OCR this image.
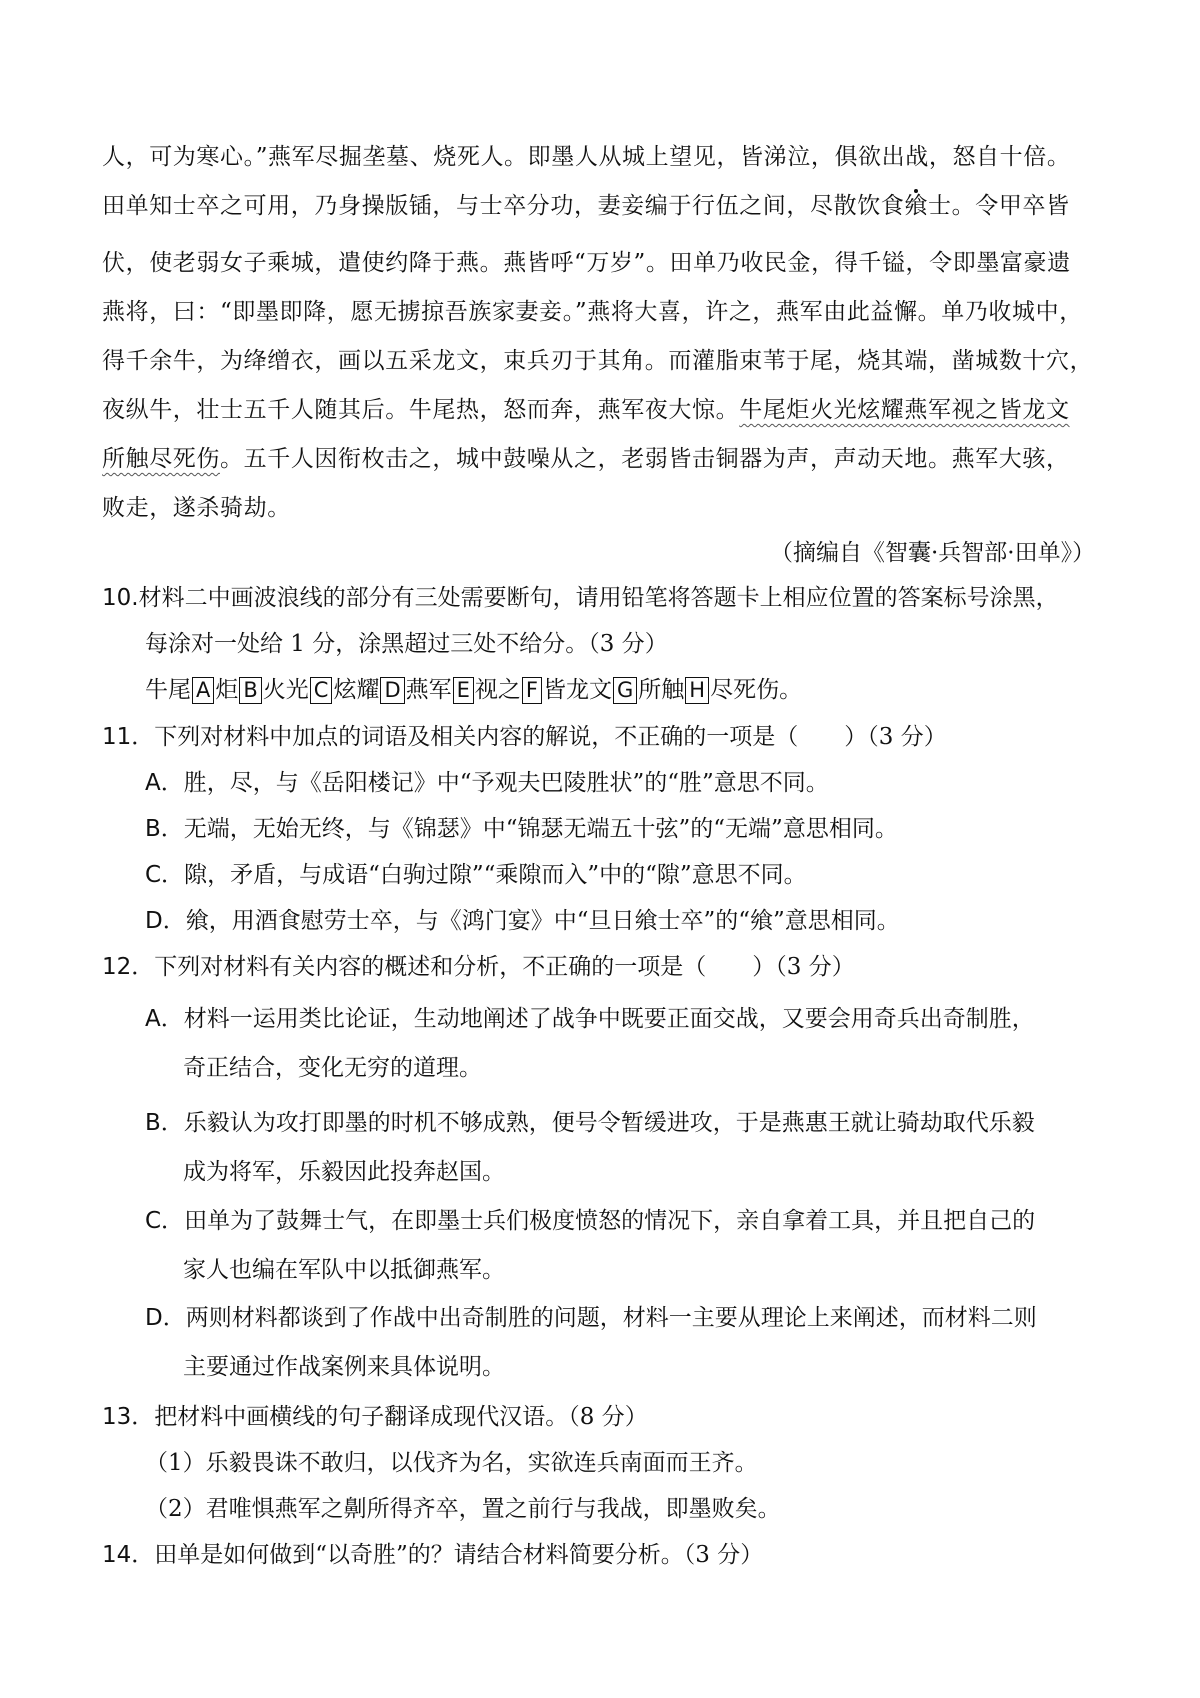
人，可为寒心。”燕军尽掘垄墓、烧死人。即墨人从城上望见，皆涕泣，俱欲出战，怒自十倍。
田单知士卒之可用，乃身操版锸，与士卒分功，妻妾编于行伍之间，尽散饮食飨士。令甲卒皆
伏，使老弱女子乘城，遣使约降于燕。燕皆呼“万岁”。田单乃收民金，得千镒，令即墨富豪遗
燕将，曰：“即墨即降，愿无掳掠吾族家妻妾。”燕将大喜，许之，燕军由此益懈。单乃收城中，
得千余牛，为绛缯衣，画以五采龙文，束兵刃于其角。而灌脂束苇于尾，烧其端，凿城数十穴，
夜纵牛，壮士五千人随其后。牛尾热，怒而奔，燕军夜大惊。牛尾炬火光炫耀燕军视之皆龙文
所触尽死伤。五千人因衔枚击之，城中鼓噪从之，老弱皆击铜器为声，声动天地。燕军大骇，
败走，遂杀骑劫。
（摘编自《智囊·兵智部·田单》）
10.材料二中画波浪线的部分有三处需要断句，请用铅笔将答题卡上相应位置的答案标号涂黑，
每涂对一处给 1 分，涂黑超过三处不给分。（3 分）
牛尾 A 炬 B 火光 C 炫耀 D 燕军 E 视之 F 皆龙文 G 所触 H 尽死伤。
11．下列对材料中加点的词语及相关内容的解说，不正确的一项是（　　）（3 分）
A．胜，尽，与《岳阳楼记》中“予观夫巴陵胜状”的“胜”意思不同。
B．无端，无始无终，与《锦瑟》中“锦瑟无端五十弦”的“无端”意思相同。
C．隙，矛盾，与成语“白驹过隙”“乘隙而入”中的“隙”意思不同。
D．飨，用酒食慰劳士卒，与《鸿门宴》中“旦日飨士卒”的“飨”意思相同。
12．下列对材料有关内容的概述和分析，不正确的一项是（　　）（3 分）
A．材料一运用类比论证，生动地阐述了战争中既要正面交战，又要会用奇兵出奇制胜，
奇正结合，变化无穷的道理。
B．乐毅认为攻打即墨的时机不够成熟，便号令暂缓进攻，于是燕惠王就让骑劫取代乐毅
成为将军，乐毅因此投奔赵国。
C．田单为了鼓舞士气，在即墨士兵们极度愤怒的情况下，亲自拿着工具，并且把自己的
家人也编在军队中以抵御燕军。
D．两则材料都谈到了作战中出奇制胜的问题，材料一主要从理论上来阐述，而材料二则
主要通过作战案例来具体说明。
13．把材料中画横线的句子翻译成现代汉语。（8 分）
（1）乐毅畏诛不敢归，以伐齐为名，实欲连兵南面而王齐。
（2）君唯惧燕军之劓所得齐卒，置之前行与我战，即墨败矣。
14．田单是如何做到“以奇胜”的？请结合材料简要分析。（3 分）
